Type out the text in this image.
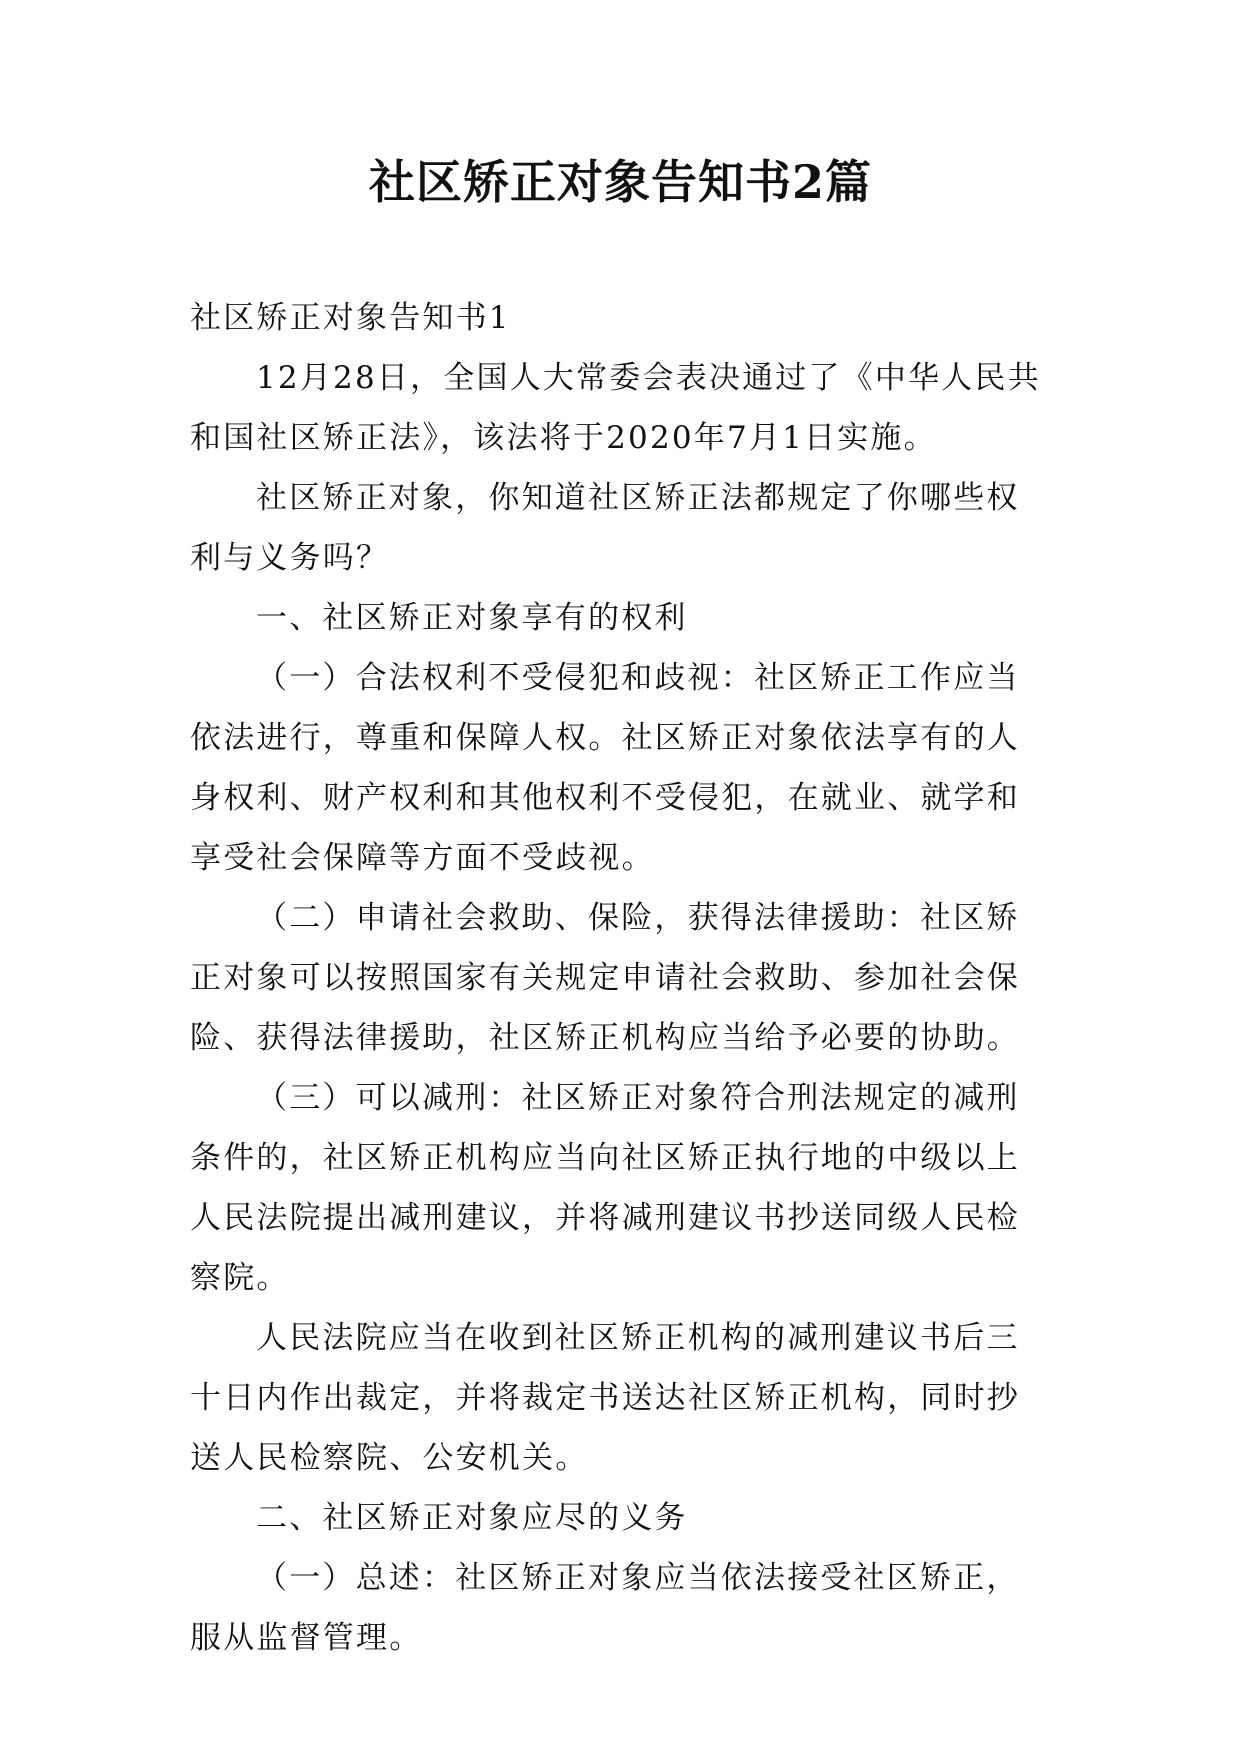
社区矫正对象告知书2篇

社区矫正对象告知书1

12月28日，全国人大常委会表决通过了《中华人民共和国社区矫正法》，该法将于2020年7月1日实施。

社区矫正对象，你知道社区矫正法都规定了你哪些权利与义务吗？

一、社区矫正对象享有的权利

（一）合法权利不受侵犯和歧视：社区矫正工作应当依法进行，尊重和保障人权。社区矫正对象依法享有的人身权利、财产权利和其他权利不受侵犯，在就业、就学和享受社会保障等方面不受歧视。

（二）申请社会救助、保险，获得法律援助：社区矫正对象可以按照国家有关规定申请社会救助、参加社会保险、获得法律援助，社区矫正机构应当给予必要的协助。

（三）可以减刑：社区矫正对象符合刑法规定的减刑条件的，社区矫正机构应当向社区矫正执行地的中级以上人民法院提出减刑建议，并将减刑建议书抄送同级人民检察院。

人民法院应当在收到社区矫正机构的减刑建议书后三十日内作出裁定，并将裁定书送达社区矫正机构，同时抄送人民检察院、公安机关。

二、社区矫正对象应尽的义务

（一）总述：社区矫正对象应当依法接受社区矫正，服从监督管理。
